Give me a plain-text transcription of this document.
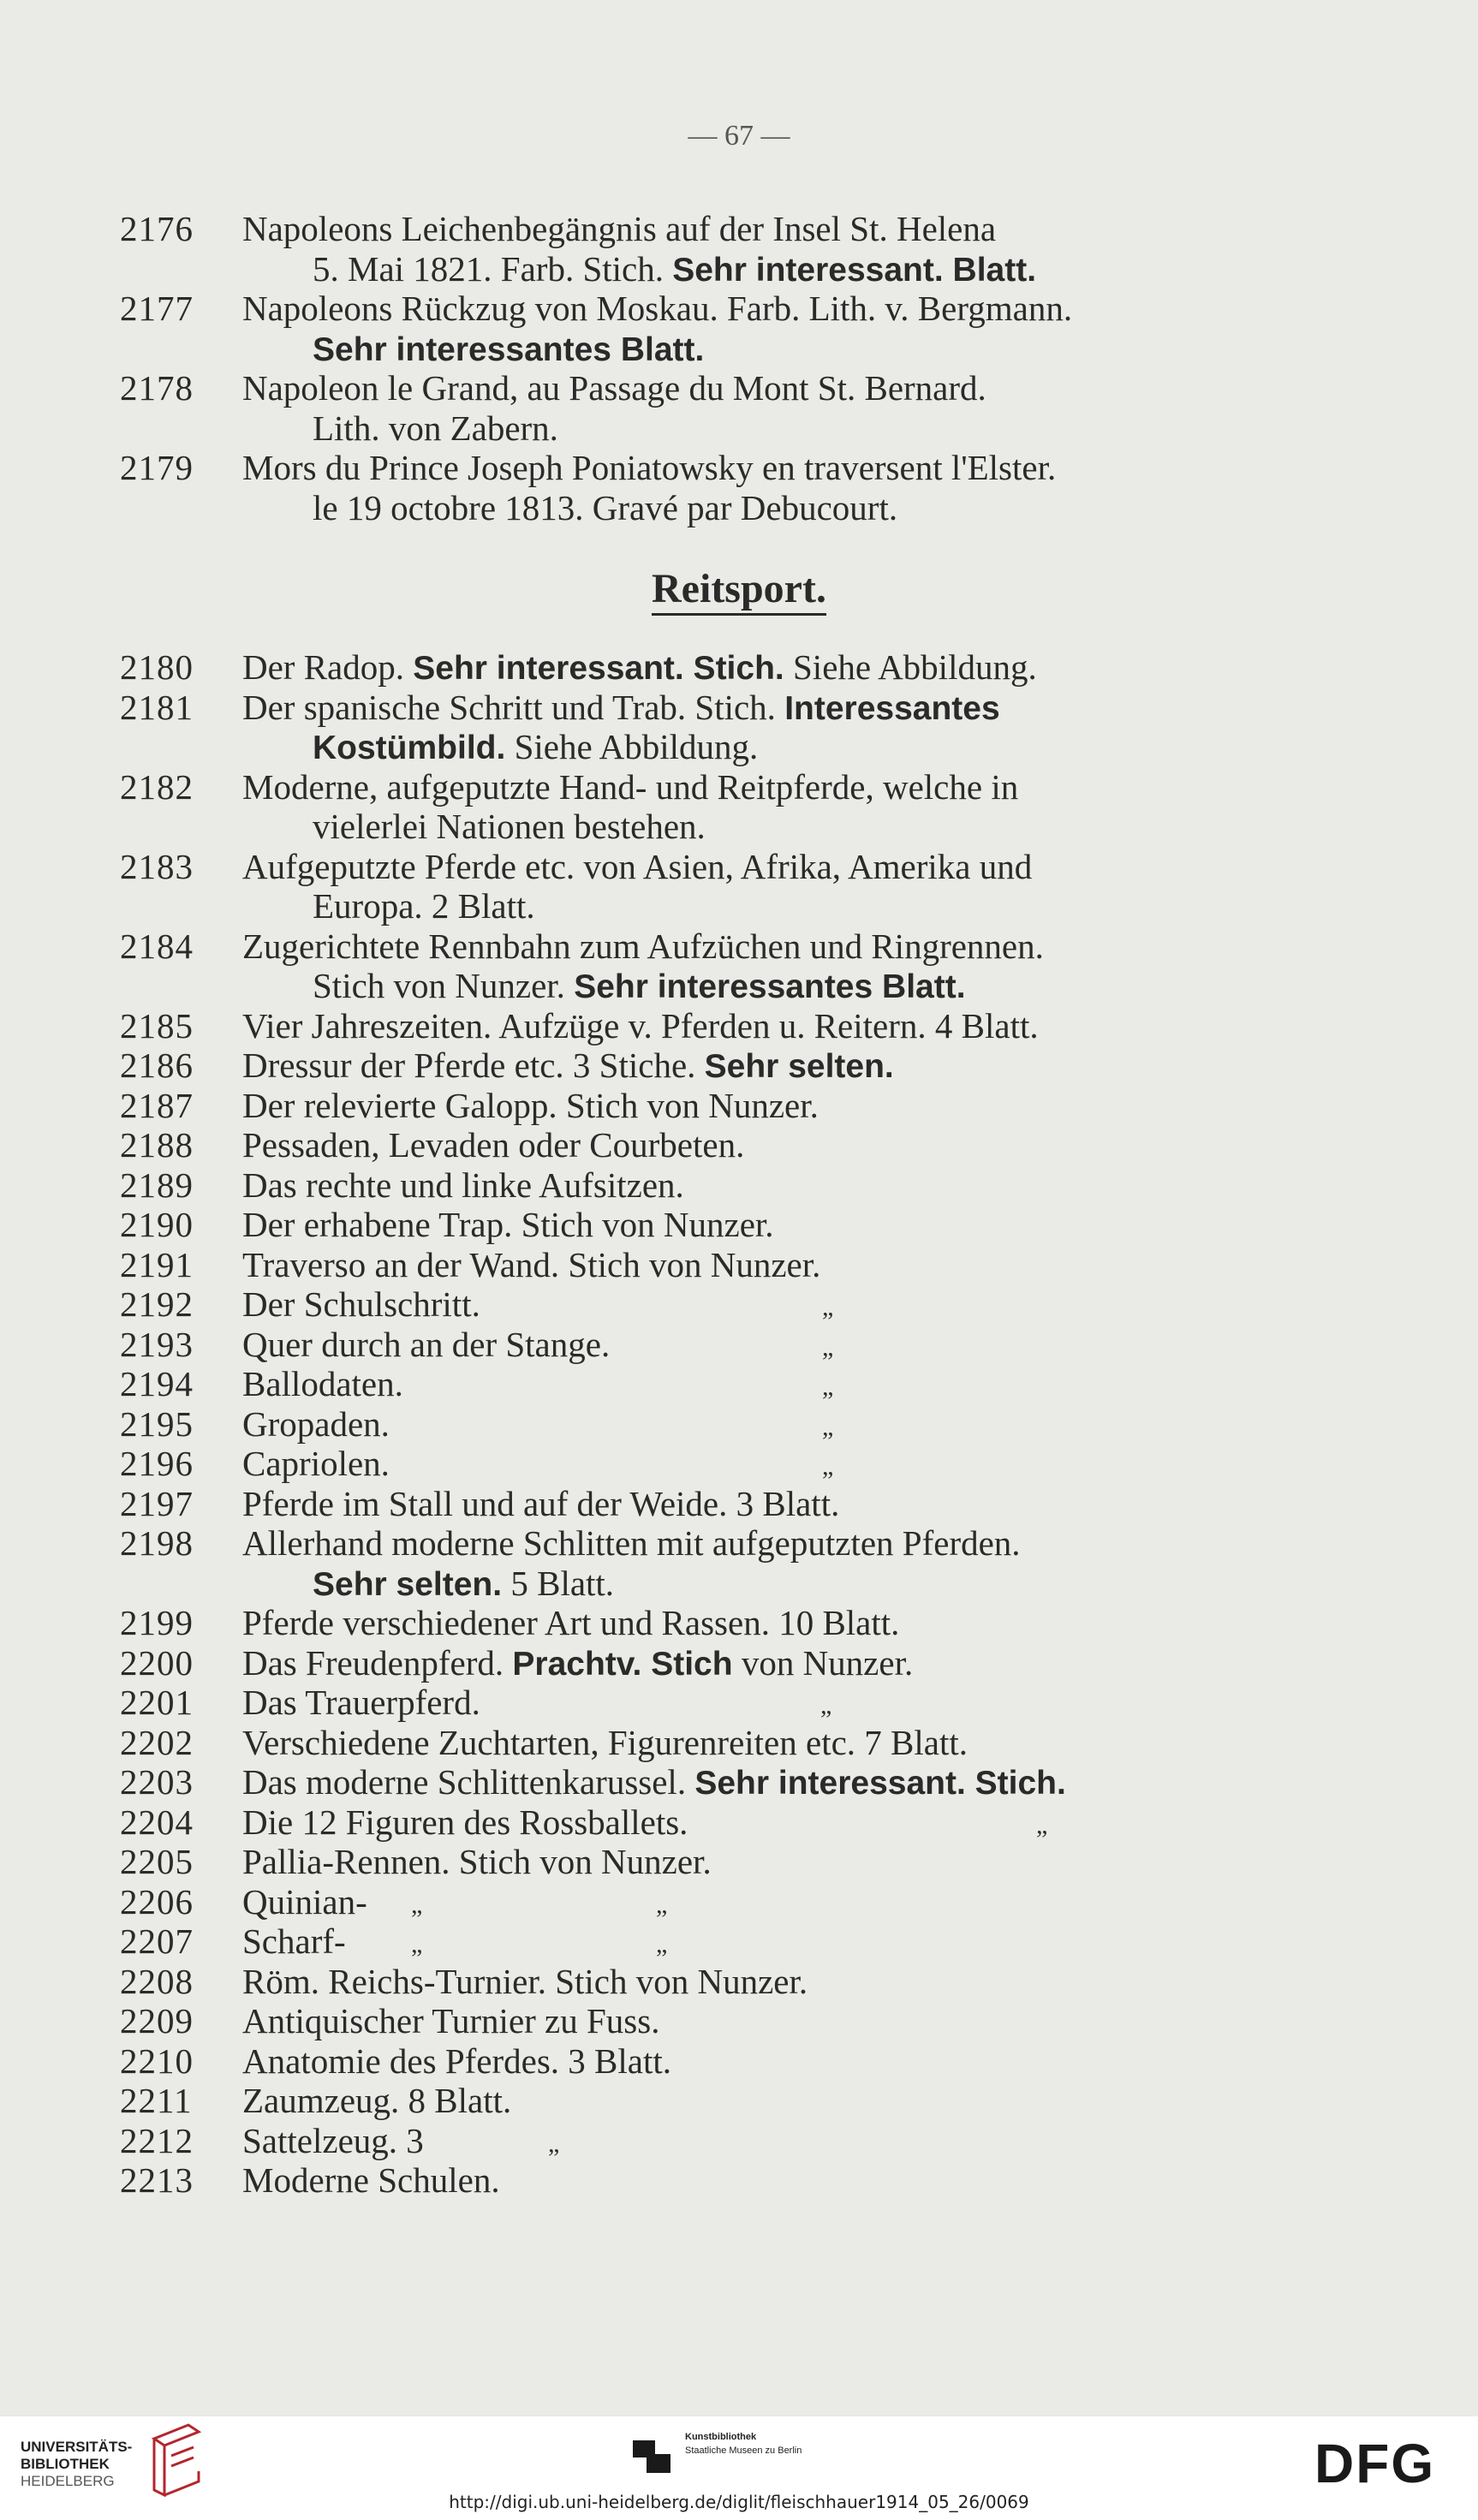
— 67 —
2176	Napoleons Leichenbegängnis auf der Insel St. Helena
5. Mai 1821. Farb. Stich. Sehr interessant. Blatt.
2177	Napoleons Rückzug von Moskau. Farb. Lith. v. Bergmann.
Sehr interessantes Blatt.
2178	Napoleon le Grand, au Passage du Mont St. Bernard.
Lith. von Zabern.
2179	Mors du Prince Joseph Poniatowsky en traversent l'Elster.
le 19 octobre 1813. Gravé par Debucourt.
Reitsport.
2180	Der Radop. Sehr interessant. Stich. Siehe Abbildung.
2181	Der spanische Schritt und Trab. Stich. Interessantes
Kostümbild. Siehe Abbildung.
2182	Moderne, aufgeputzte Hand- und Reitpferde, welche in
vielerlei Nationen bestehen.
2183	Aufgeputzte Pferde etc. von Asien, Afrika, Amerika und
Europa. 2 Blatt.
2184	Zugerichtete Rennbahn zum Aufzüchen und Ringrennen.
Stich von Nunzer. Sehr interessantes Blatt.
2185	Vier Jahreszeiten. Aufzüge v. Pferden u. Reitern. 4 Blatt.
2186	Dressur der Pferde etc. 3 Stiche. Sehr selten.
2187	Der relevierte Galopp. Stich von Nunzer.
2188	Pessaden, Levaden oder Courbeten.
2189	Das rechte und linke Aufsitzen.
2190	Der erhabene Trap. Stich von Nunzer.
2191	Traverso an der Wand. Stich von Nunzer.
2192	Der Schulschritt.	„
2193	Quer durch an der Stange.	„
2194	Ballodaten.	„
2195	Gropaden.	„
2196	Capriolen.	„
2197	Pferde im Stall und auf der Weide. 3 Blatt.
2198	Allerhand moderne Schlitten mit aufgeputzten Pferden.
Sehr selten. 5 Blatt.
2199	Pferde verschiedener Art und Rassen. 10 Blatt.
2200	Das Freudenpferd. Prachtv. Stich von Nunzer.
2201	Das Trauerpferd.	„
2202	Verschiedene Zuchtarten, Figurenreiten etc. 7 Blatt.
2203	Das moderne Schlittenkarussel. Sehr interessant. Stich.
2204	Die 12 Figuren des Rossballets.	„
2205	Pallia-Rennen. Stich von Nunzer.
2206	Quinian- „	„
2207	Scharf-	„	„
2208	Röm. Reichs-Turnier. Stich von Nunzer.
2209	Antiquischer Turnier zu Fuss.
2210	Anatomie des Pferdes. 3 Blatt.
2211	Zaumzeug. 8 Blatt.
2212	Sattelzeug. 3	„
2213	Moderne Schulen.
UNIVERSITÄTS-
BIBLIOTHEK
HEIDELBERG
Kunstbibliothek
Staatliche Museen zu Berlin	DFG
http://digi.ub.uni-heidelberg.de/diglit/fleischhauer1914_05_26/0069
